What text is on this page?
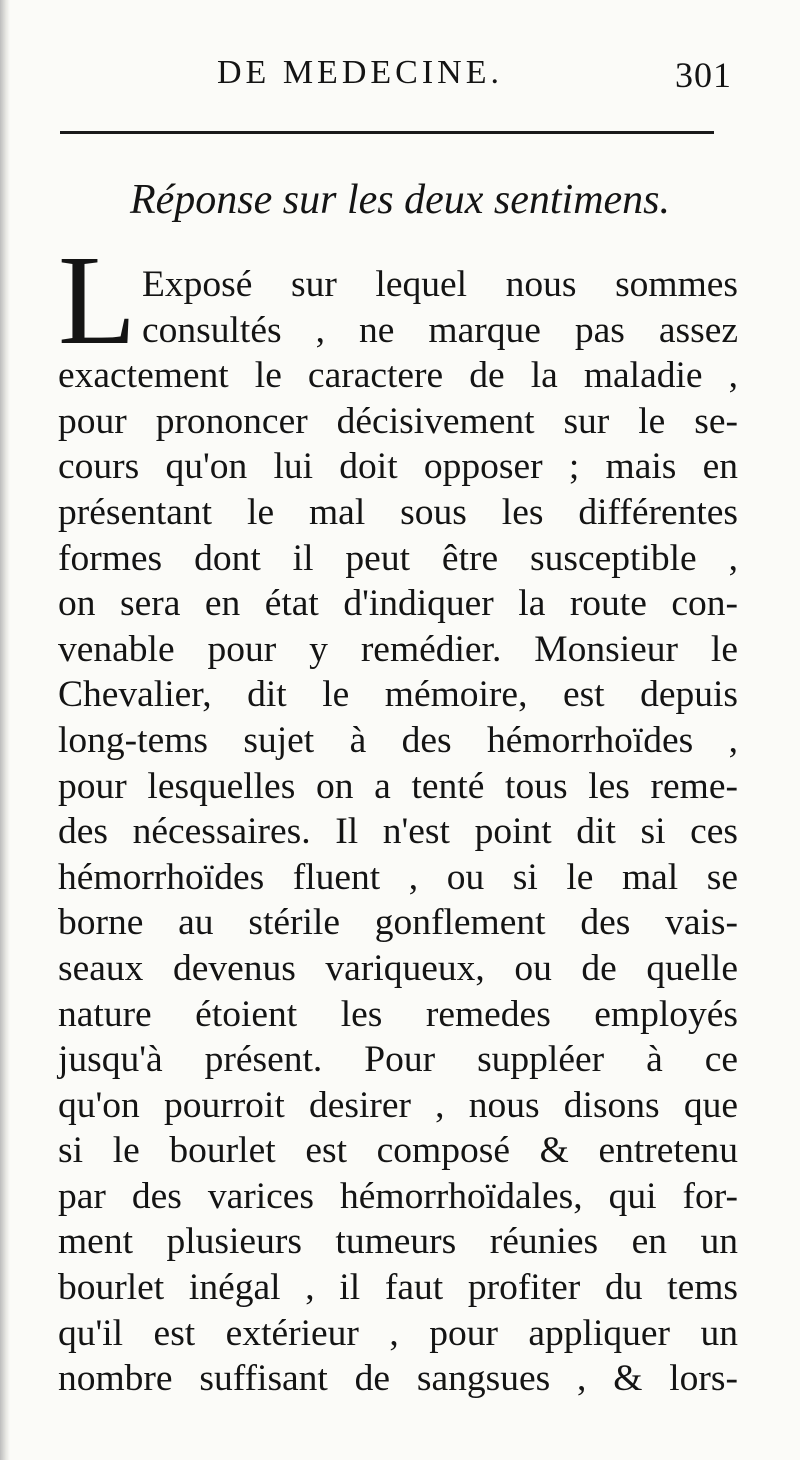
DE MEDECINE.	301
Réponse sur les deux sentimens.
L Exposé sur lequel nous sommes
consultés , ne marque pas assez
exactement le caractere de la maladie ,
pour prononcer décisivement sur le se-
cours qu'on lui doit opposer ; mais en
présentant le mal sous les différentes
formes dont il peut être susceptible ,
on sera en état d'indiquer la route con-
venable pour y remédier. Monsieur le
Chevalier, dit le mémoire, est depuis
long-tems sujet à des hémorrhoïdes ,
pour lesquelles on a tenté tous les reme-
des nécessaires. Il n'est point dit si ces
hémorrhoïdes fluent , ou si le mal se
borne au stérile gonflement des vais-
seaux devenus variqueux, ou de quelle
nature étoient les remedes employés
jusqu'à présent. Pour suppléer à ce
qu'on pourroit desirer , nous disons que
si le bourlet est composé & entretenu
par des varices hémorrhoïdales, qui for-
ment plusieurs tumeurs réunies en un
bourlet inégal , il faut profiter du tems
qu'il est extérieur , pour appliquer un
nombre suffisant de sangsues , & lors-
